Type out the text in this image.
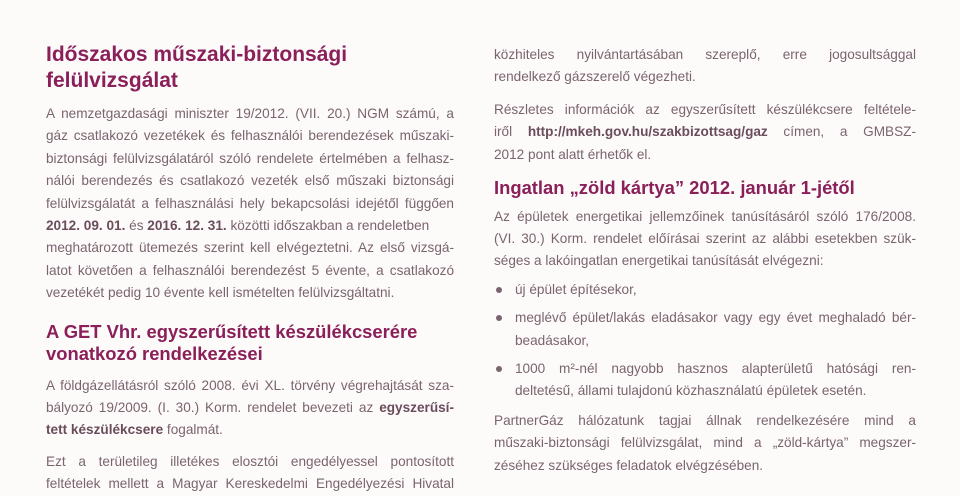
Időszakos műszaki-biztonsági felülvizsgálat
A nemzetgazdasági miniszter 19/2012. (VII. 20.) NGM számú, a
gáz csatlakozó vezetékek és felhasználói berendezések műszaki-
biztonsági felülvizsgálatáról szóló rendelete értelmében a felhasz-
nálói berendezés és csatlakozó vezeték első műszaki biztonsági
felülvizsgálatát a felhasználási hely bekapcsolási idejétől függően
2012. 09. 01. és 2016. 12. 31. közötti időszakban a rendeletben
meghatározott ütemezés szerint kell elvégeztetni. Az első vizsgá-
latot követően a felhasználói berendezést 5 évente, a csatlakozó
vezetékét pedig 10 évente kell ismételten felülvizsgáltatni.
A GET Vhr. egyszerűsített készülékcserére
vonatkozó rendelkezései
A földgázellátásról szóló 2008. évi XL. törvény végrehajtását sza-
bályozó 19/2009. (I. 30.) Korm. rendelet bevezeti az egyszerűsí-
tett készülékcsere fogalmát.
Ezt a területileg illetékes elosztói engedélyessel pontosított
feltételek mellett a Magyar Kereskedelmi Engedélyezési Hivatal
közhiteles nyilvántartásában szereplő, erre jogosultsággal
rendelkező gázszerelő végezheti.
Részletes információk az egyszerűsített készülékcsere feltétele-
iről http://mkeh.gov.hu/szakbizottsag/gaz címen, a GMBSZ-
2012 pont alatt érhetők el.
Ingatlan „zöld kártya” 2012. január 1-jétől
Az épületek energetikai jellemzőinek tanúsításáról szóló 176/2008.
(VI. 30.) Korm. rendelet előírásai szerint az alábbi esetekben szük-
séges a lakóingatlan energetikai tanúsítását elvégezni:
új épület építésekor,
meglévő épület/lakás eladásakor vagy egy évet meghaladó bér-
beadásakor,
1000 m²-nél nagyobb hasznos alapterületű hatósági ren-
deltetésű, állami tulajdonú közhasználatú épületek esetén.
PartnerGáz hálózatunk tagjai állnak rendelkezésére mind a
műszaki-biztonsági felülvizsgálat, mind a „zöld-kártya” megszer-
zéséhez szükséges feladatok elvégzésében.
